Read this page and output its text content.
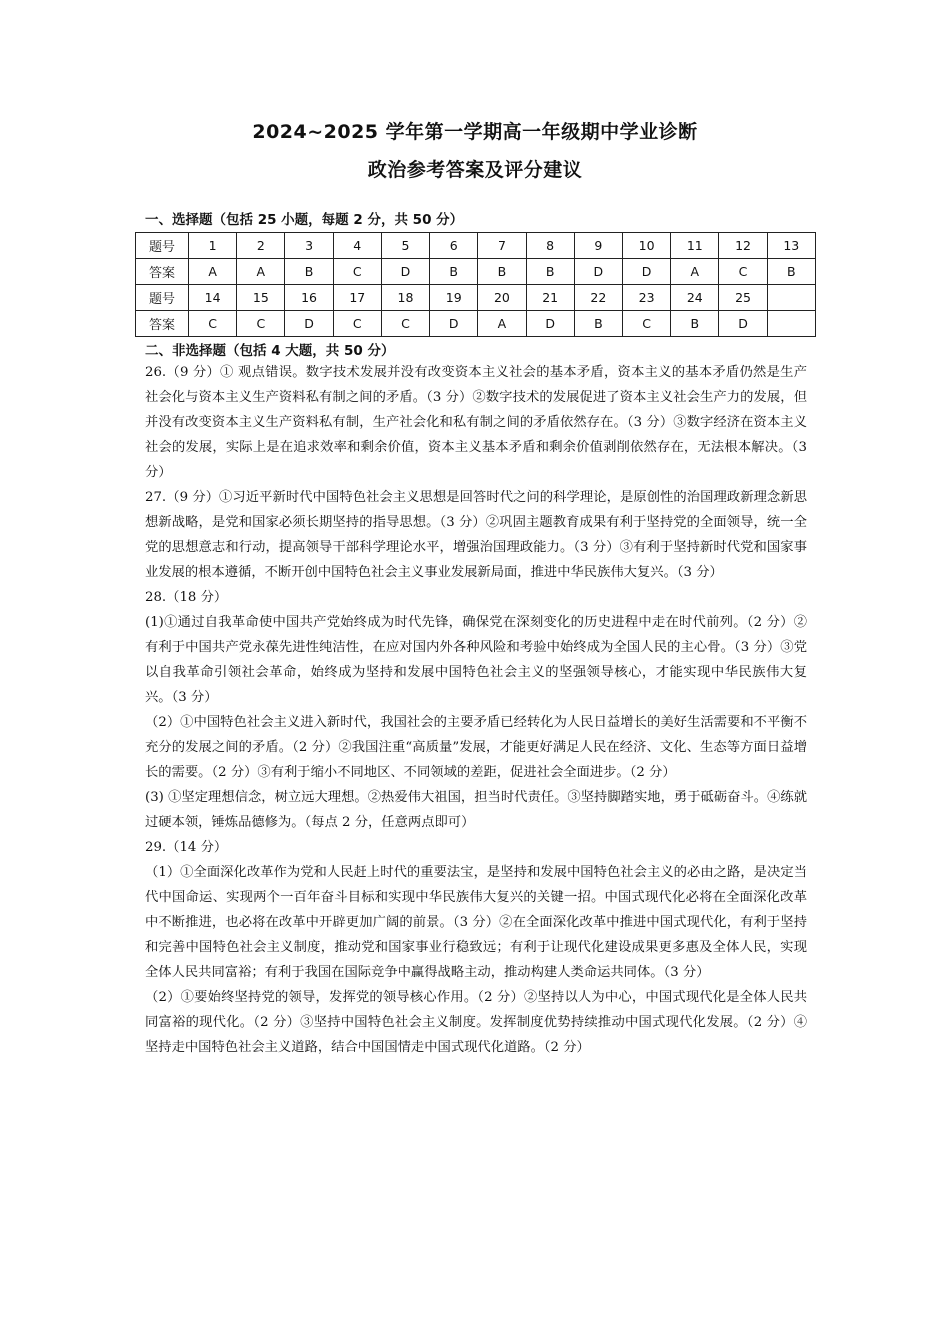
2024~2025 学年第一学期高一年级期中学业诊断
政治参考答案及评分建议
一、选择题（包括 25 小题，每题 2 分，共 50 分）
题号	1	2	3	4	5	6	7	8	9	10	11	12	13
答案	A	A	B	C	D	B	B	B	D	D	A	C	B
题号	14	15	16	17	18	19	20	21	22	23	24	25	
答案	C	C	D	C	C	D	A	D	B	C	B	D	
二、非选择题（包括 4 大题，共 50 分）

26.（9 分）① 观点错误。数字技术发展并没有改变资本主义社会的基本矛盾，资本主义的基本矛盾仍然是生产社会化与资本主义生产资料私有制之间的矛盾。（3 分）②数字技术的发展促进了资本主义社会生产力的发展，但并没有改变资本主义生产资料私有制，生产社会化和私有制之间的矛盾依然存在。（3 分）③数字经济在资本主义社会的发展，实际上是在追求效率和剩余价值，资本主义基本矛盾和剩余价值剥削依然存在，无法根本解决。（3 分）

27.（9 分）①习近平新时代中国特色社会主义思想是回答时代之问的科学理论，是原创性的治国理政新理念新思想新战略，是党和国家必须长期坚持的指导思想。（3 分）②巩固主题教育成果有利于坚持党的全面领导，统一全党的思想意志和行动，提高领导干部科学理论水平，增强治国理政能力。（3 分）③有利于坚持新时代党和国家事业发展的根本遵循，不断开创中国特色社会主义事业发展新局面，推进中华民族伟大复兴。（3 分）

28.（18 分）

(1)①通过自我革命使中国共产党始终成为时代先锋，确保党在深刻变化的历史进程中走在时代前列。（2 分）②有利于中国共产党永葆先进性纯洁性，在应对国内外各种风险和考验中始终成为全国人民的主心骨。（3 分）③党以自我革命引领社会革命，始终成为坚持和发展中国特色社会主义的坚强领导核心，才能实现中华民族伟大复兴。（3 分）

（2）①中国特色社会主义进入新时代，我国社会的主要矛盾已经转化为人民日益增长的美好生活需要和不平衡不充分的发展之间的矛盾。（2 分）②我国注重“高质量”发展，才能更好满足人民在经济、文化、生态等方面日益增长的需要。（2 分）③有利于缩小不同地区、不同领域的差距，促进社会全面进步。（2 分）

(3) ①坚定理想信念，树立远大理想。②热爱伟大祖国，担当时代责任。③坚持脚踏实地，勇于砥砺奋斗。④练就过硬本领，锤炼品德修为。（每点 2 分，任意两点即可）

29.（14 分）

（1）①全面深化改革作为党和人民赶上时代的重要法宝，是坚持和发展中国特色社会主义的必由之路，是决定当代中国命运、实现两个一百年奋斗目标和实现中华民族伟大复兴的关键一招。中国式现代化必将在全面深化改革中不断推进，也必将在改革中开辟更加广阔的前景。（3 分）②在全面深化改革中推进中国式现代化，有利于坚持和完善中国特色社会主义制度，推动党和国家事业行稳致远；有利于让现代化建设成果更多惠及全体人民，实现全体人民共同富裕；有利于我国在国际竞争中赢得战略主动，推动构建人类命运共同体。（3 分）

（2）①要始终坚持党的领导，发挥党的领导核心作用。（2 分）②坚持以人为中心，中国式现代化是全体人民共同富裕的现代化。（2 分）③坚持中国特色社会主义制度。发挥制度优势持续推动中国式现代化发展。（2 分）④坚持走中国特色社会主义道路，结合中国国情走中国式现代化道路。（2 分）
